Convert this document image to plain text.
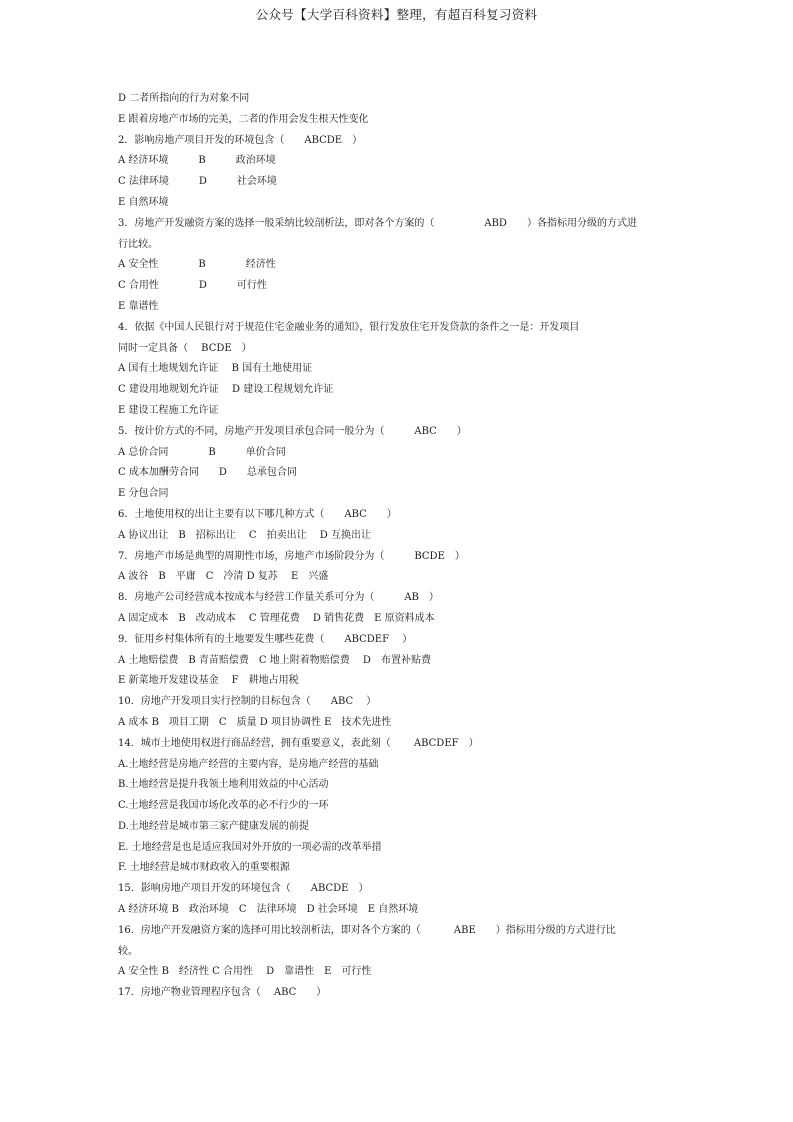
公众号【大学百科资料】整理，有超百科复习资料
D 二者所指向的行为对象不同
E 跟着房地产市场的完美，二者的作用会发生根天性变化
2．影响房地产项目开发的环境包含（　　ABCDE　）
A 经济环境　　　B　　　政治环境
C 法律环境　　　D　　　社会环境
E 自然环境
3．房地产开发融资方案的选择一般采纳比较剖析法，即对各个方案的（　　　　　ABD　　）各指标用分级的方式进
行比较。
A 安全性　　　　B　　　　经济性
C 合用性　　　　D　　　可行性
E 靠谱性
4．依据《中国人民银行对于规范住宅金融业务的通知》，银行发放住宅开发贷款的条件之一是：开发项目
同时一定具备（　 BCDE　）
A 国有土地规划允许证　 B 国有土地使用证
C 建设用地规划允许证　 D 建设工程规划允许证
E 建设工程施工允许证
5．按计价方式的不同，房地产开发项目承包合同一般分为（　　　ABC　　）
A 总价合同　　　　B　　　单价合同
C 成本加酬劳合同　　D　　总承包合同
E 分包合同
6．土地使用权的出让主要有以下哪几种方式（　　ABC　　）
A 协议出让　B　招标出让　 C　拍卖出让　 D 互换出让
7．房地产市场是典型的周期性市场，房地产市场阶段分为（　　　BCDE　）
A 波谷　B　平庸　C　冷清 D 复苏　 E　兴盛
8．房地产公司经营成本按成本与经营工作量关系可分为（　　　AB　）
A 固定成本　B　改动成本　 C 管理花费　 D 销售花费　E 原资料成本
9．征用乡村集体所有的土地要发生哪些花费（　　ABCDEF　 ）
A 土地赔偿费　B 青苗赔偿费　C 地上附着物赔偿费　 D　布置补贴费
E 新菜地开发建设基金　 F　耕地占用税
10．房地产开发项目实行控制的目标包含（　　ABC　 ）
A 成本 B　项目工期　C　质量 D 项目协调性 E　技术先进性
14．城市土地使用权进行商品经营，拥有重要意义，表此刻（　　 ABCDEF　）
A.土地经营是房地产经营的主要内容，是房地产经营的基础
B.土地经营是提升我领土地利用效益的中心活动
C.土地经营是我国市场化改革的必不行少的一环
D.土地经营是城市第三家产健康发展的前提
E. 土地经营是也是适应我国对外开放的一项必需的改革举措
F. 土地经营是城市财政收入的重要根源
15．影响房地产项目开发的环境包含（　　ABCDE　）
A 经济环境 B　政治环境　C　法律环境　D 社会环境　E 自然环境
16．房地产开发融资方案的选择可用比较剖析法，即对各个方案的（　　　 ABE　　）指标用分级的方式进行比
较。
A 安全性 B　经济性 C 合用性　 D　靠谱性　E　可行性
17．房地产物业管理程序包含（　 ABC　　）
